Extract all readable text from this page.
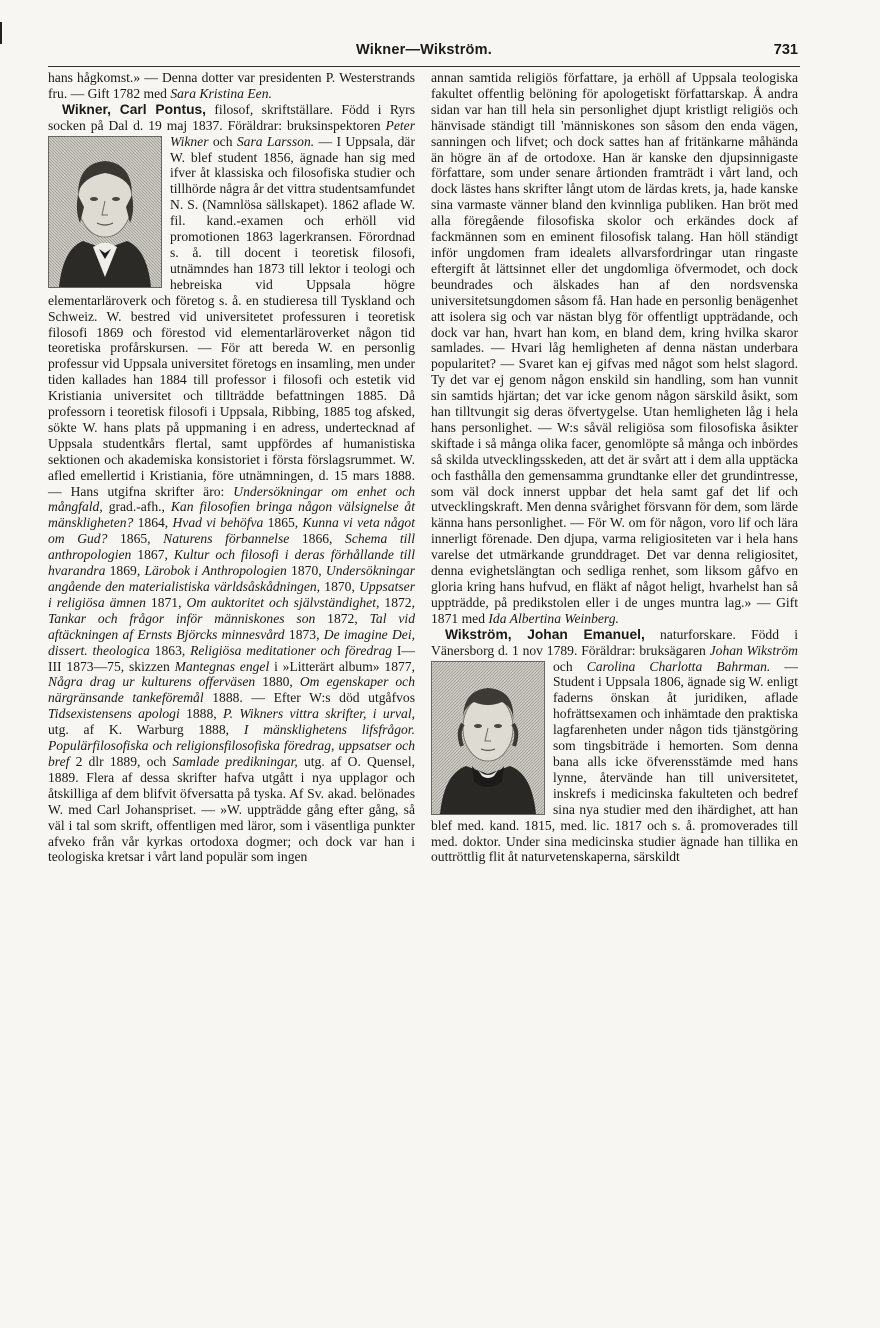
Wikner—Wikström.	731

hans hågkomst.» — Denna dotter var presidenten P. Westerstrands fru. — Gift 1782 med Sara Kristina Een.

Wikner, Carl Pontus, filosof, skriftställare. Född i Ryrs socken på Dal d. 19 maj 1837. Föräldrar: bruksinspektoren
Peter Wikner och Sara Larsson. — I Uppsala, där W. blef student 1856, ägnade han sig med ifver åt klassiska och filosofiska studier och tillhörde några år det vittra studentsamfundet N. S. (Namnlösa sällskapet). 1862 aflade W. fil. kand.-examen och erhöll vid promotionen 1863 lagerkransen. Förordnad s. å. till docent i teoretisk filosofi, utnämndes han 1873 till lektor i teologi och hebreiska vid Uppsala högre elementarläroverk och företog s. å. en studieresa till Tyskland och Schweiz. W. bestred vid universitetet professuren i teoretisk filosofi 1869 och förestod vid elementarläroverket någon tid teoretiska profårskursen. — För att bereda W. en personlig professur vid Uppsala universitet företogs en insamling, men under tiden kallades han 1884 till professor i filosofi och estetik vid Kristiania universitet och tillträdde befattningen 1885. Då professorn i teoretisk filosofi i Uppsala, Ribbing, 1885 tog afsked, sökte W. hans plats på uppmaning i en adress, undertecknad af Uppsala studentkårs flertal, samt uppfördes af humanistiska sektionen och akademiska konsistoriet i första förslagsrummet. W. afled emellertid i Kristiania, före utnämningen, d. 15 mars 1888. — Hans utgifna skrifter äro: Undersökningar om enhet och mångfald, grad.-afh., Kan filosofien bringa någon välsignelse åt mänskligheten? 1864, Hvad vi behöfva 1865, Kunna vi veta något om Gud? 1865, Naturens förbannelse 1866, Schema till anthropologien 1867, Kultur och filosofi i deras förhållande till hvarandra 1869, Lärobok i Anthropologien 1870, Undersökningar angående den materialistiska världsåskådningen, 1870, Uppsatser i religiösa ämnen 1871, Om auktoritet och självständighet, 1872, Tankar och frågor inför människones son 1872, Tal vid aftäckningen af Ernsts Björcks minnesvård 1873, De imagine Dei, dissert. theologica 1863, Religiösa meditationer och föredrag I—III 1873—75, skizzen Mantegnas engel i »Litterärt album» 1877, Några drag ur kulturens offerväsen 1880, Om egenskaper och närgränsande tankeföremål 1888. — Efter W:s död utgåfvos Tidsexistensens apologi 1888, P. Wikners vittra skrifter, i urval, utg. af K. Warburg 1888, I mänsklighetens lifsfrågor. Populärfilosofiska och religionsfilosofiska föredrag, uppsatser och bref 2 dlr 1889, och Samlade predikningar, utg. af O. Quensel, 1889. Flera af dessa skrifter hafva utgått i nya upplagor och åtskilliga af dem blifvit öfversatta på tyska. Af Sv. akad. belönades W. med Carl Johanspriset. — »W. uppträdde gång efter gång, så väl i tal som skrift, offentligen med läror, som i väsentliga punkter afveko från vår kyrkas ortodoxa dogmer; och dock var han i teologiska kretsar i vårt land populär som ingen

annan samtida religiös författare, ja erhöll af Uppsala teologiska fakultet offentlig belöning för apologetiskt författarskap. Å andra sidan var han till hela sin personlighet djupt kristligt religiös och hänvisade ständigt till 'människones son såsom den enda vägen, sanningen och lifvet; och dock sattes han af fritänkarne måhända än högre än af de ortodoxe. Han är kanske den djupsinnigaste författare, som under senare årtionden framträdt i vårt land, och dock lästes hans skrifter långt utom de lärdas krets, ja, hade kanske sina varmaste vänner bland den kvinnliga publiken. Han bröt med alla föregående filosofiska skolor och erkändes dock af fackmännen som en eminent filosofisk talang. Han höll ständigt inför ungdomen fram idealets allvarsfordringar utan ringaste eftergift åt lättsinnet eller det ungdomliga öfvermodet, och dock beundrades och älskades han af den nordsvenska universitetsungdomen såsom få. Han hade en personlig benägenhet att isolera sig och var nästan blyg för offentligt uppträdande, och dock var han, hvart han kom, en bland dem, kring hvilka skaror samlades. — Hvari låg hemligheten af denna nästan underbara popularitet? — Svaret kan ej gifvas med något som helst slagord. Ty det var ej genom någon enskild sin handling, som han vunnit sin samtids hjärtan; det var icke genom någon särskild åsikt, som han tilltvungit sig deras öfvertygelse. Utan hemligheten låg i hela hans personlighet. — W:s såväl religiösa som filosofiska åsikter skiftade i så många olika facer, genomlöpte så många och inbördes så skilda utvecklingsskeden, att det är svårt att i dem alla upptäcka och fasthålla den gemensamma grundtanke eller det grundintresse, som väl dock innerst uppbar det hela samt gaf det lif och utvecklingskraft. Men denna svårighet försvann för dem, som lärde känna hans personlighet. — För W. om för någon, voro lif och lära innerligt förenade. Den djupa, varma religiositeten var i hela hans varelse det utmärkande grunddraget. Det var denna religiositet, denna evighetslängtan och sedliga renhet, som liksom gåfvo en gloria kring hans hufvud, en fläkt af något heligt, hvarhelst han så uppträdde, på predikstolen eller i de unges muntra lag.» — Gift 1871 med Ida Albertina Weinberg.

Wikström, Johan Emanuel, naturforskare. Född i Vänersborg d. 1 nov 1789. Föräldrar: bruksägaren
Johan Wikström och Carolina Charlotta Bahrman. — Student i Uppsala 1806, ägnade sig W. enligt faderns önskan åt juridiken, aflade hofrättsexamen och inhämtade den praktiska lagfarenheten under någon tids tjänstgöring som tingsbiträde i hemorten. Som denna bana alls icke öfverensstämde med hans lynne, återvände han till universitetet, inskrefs i medicinska fakulteten och bedref sina nya studier med den ihärdighet, att han blef med. kand. 1815, med. lic. 1817 och s. å. promoverades till med. doktor. Under sina medicinska studier ägnade han tillika en outtröttlig flit åt naturvetenskaperna, särskildt
